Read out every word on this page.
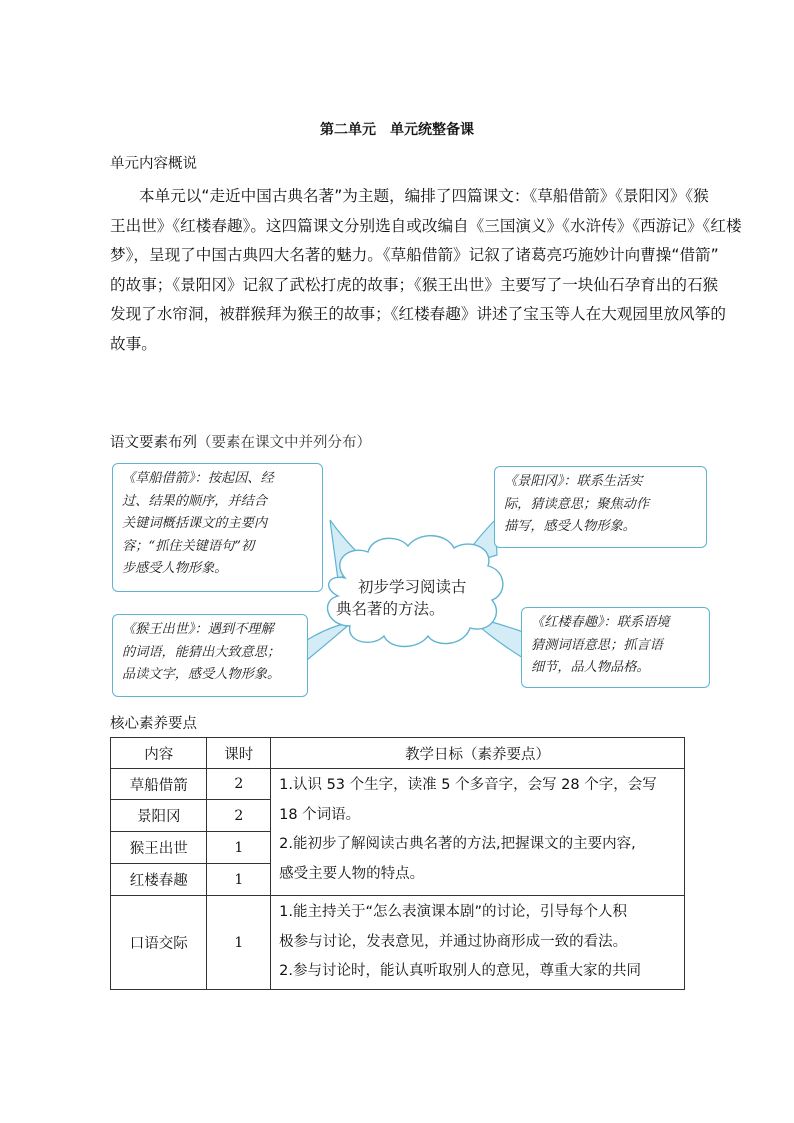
第二单元　单元统整备课
单元内容概说
本单元以“走近中国古典名著”为主题，编排了四篇课文：《草船借箭》《景阳冈》《猴
王出世》《红楼春趣》。这四篇课文分别选自或改编自《三国演义》《水浒传》《西游记》《红楼
梦》，呈现了中国古典四大名著的魅力。《草船借箭》记叙了诸葛亮巧施妙计向曹操“借箭”
的故事；《景阳冈》记叙了武松打虎的故事；《猴王出世》主要写了一块仙石孕育出的石猴
发现了水帘洞，被群猴拜为猴王的故事；《红楼春趣》讲述了宝玉等人在大观园里放风筝的
故事。
语文要素布列（要素在课文中并列分布）
初步学习阅读古
典名著的方法。
《草船借箭》：按起因、经
过、结果的顺序，并结合
关键词概括课文的主要内
容；“抓住关键语句”初
步感受人物形象。
《景阳冈》：联系生活实
际，猜读意思；聚焦动作
描写，感受人物形象。
《猴王出世》：遇到不理解
的词语，能猜出大致意思；
品读文字，感受人物形象。
《红楼春趣》：联系语境
猜测词语意思；抓言语
细节，品人物品格。
核心素养要点
内容	课时	教学日标（素养要点）
草船借箭	2	1.认识 53 个生字，读准 5 个多音字，会写 28 个字，会写
18 个词语。
2.能初步了解阅读古典名著的方法,把握课文的主要内容,
感受主要人物的特点。

景阳冈	2	
猴王出世	1	
红楼春趣	1	
口语交际	1	1.能主持关于“怎么表演课本剧”的讨论，引导每个人积
极参与讨论，发表意见，并通过协商形成一致的看法。
2.参与讨论时，能认真听取别人的意见，尊重大家的共同
